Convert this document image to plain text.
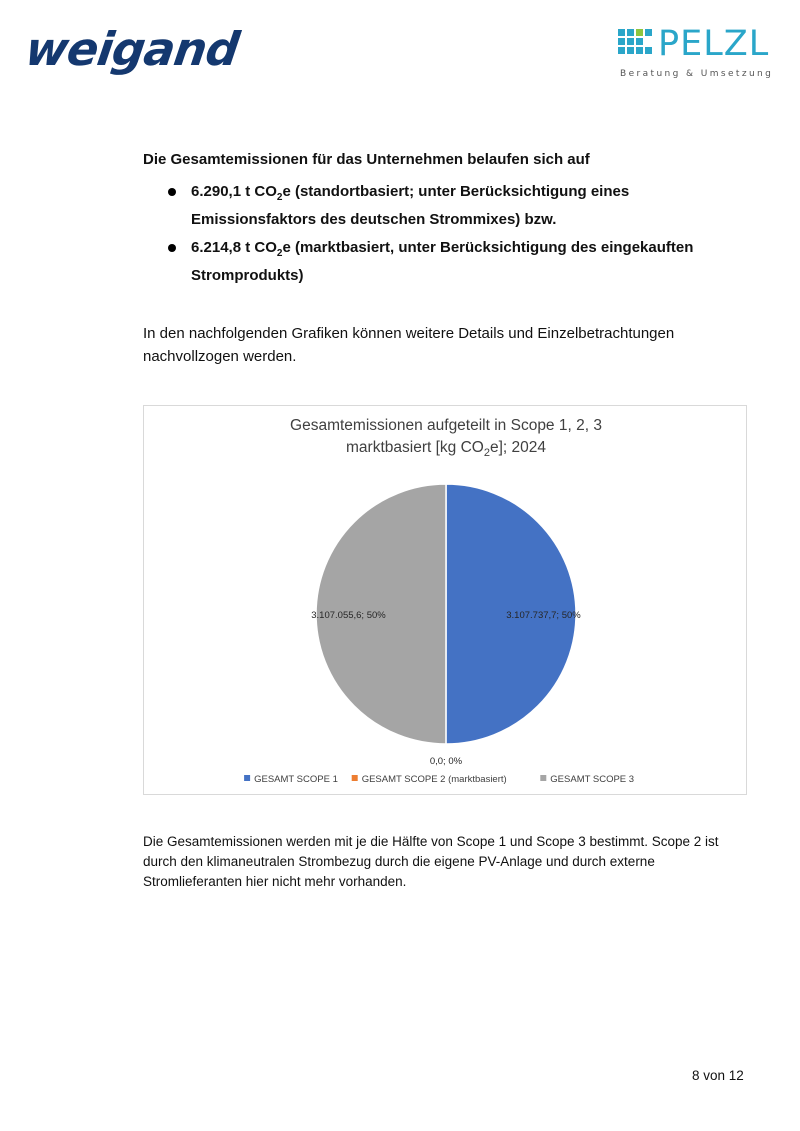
weigand	PELZL
Beratung & Umsetzung
Die Gesamtemissionen für das Unternehmen belaufen sich auf
6.290,1 t $CO_2e$ (standortbasiert; unter Berücksichtigung eines Emissionsfaktors des deutschen Strommixes) bzw.
6.214,8 t $CO_2e$ (marktbasiert, unter Berücksichtigung des eingekauften Stromprodukts)
In den nachfolgenden Grafiken können weitere Details und Einzelbetrachtungen nachvollzogen werden.
Gesamtemissionen aufgeteilt in Scope 1, 2, 3
marktbasiert [kg $CO_2e$]; 2024
3.107.737,7; 50%
0,0; 0%
3.107.055,6; 50%
GESAMT SCOPE 1	GESAMT SCOPE 2 (marktbasiert)	GESAMT SCOPE 3
Die Gesamtemissionen werden mit je die Hälfte von Scope 1 und Scope 3 bestimmt. Scope 2 ist durch den klimaneutralen Strombezug durch die eigene PV-Anlage und durch externe Stromlieferanten hier nicht mehr vorhanden.
8 von 12
